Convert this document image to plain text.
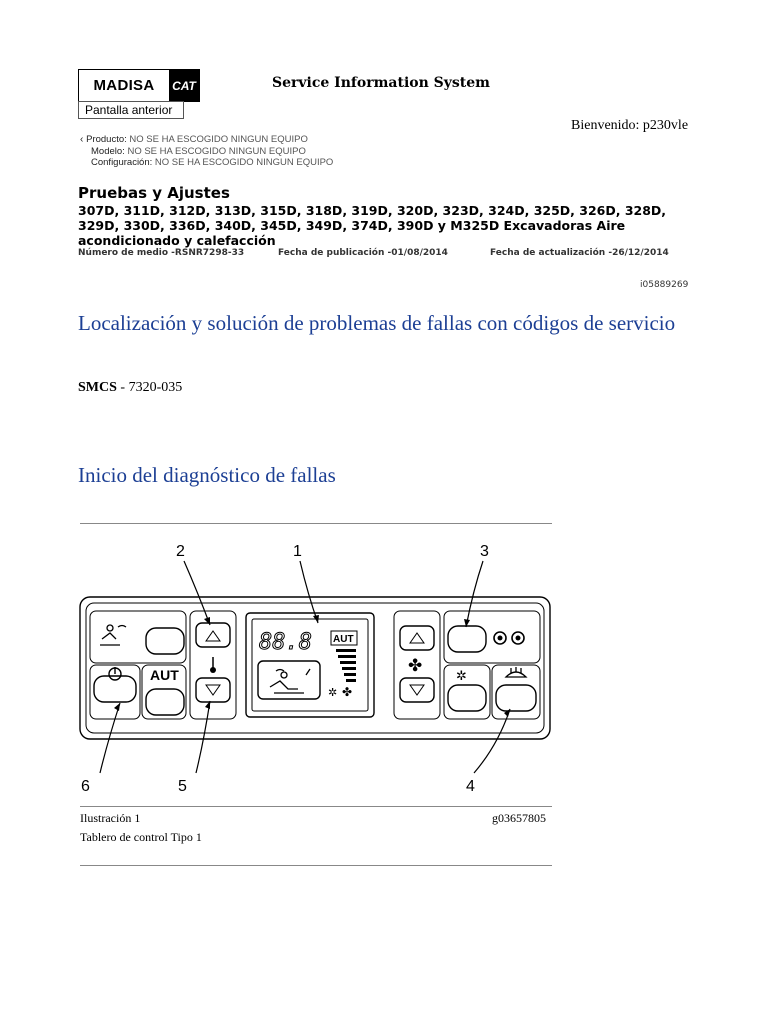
MADISA	CAT
Pantalla anterior
Service Information System
Bienvenido: p230vle
‹ Producto: NO SE HA ESCOGIDO NINGUN EQUIPO
Modelo: NO SE HA ESCOGIDO NINGUN EQUIPO
Configuración: NO SE HA ESCOGIDO NINGUN EQUIPO
Pruebas y Ajustes
307D, 311D, 312D, 313D, 315D, 318D, 319D, 320D, 323D, 324D, 325D, 326D, 328D, 329D, 330D, 336D, 340D, 345D, 349D, 374D, 390D y M325D Excavadoras Aire acondicionado y calefacción
Número de medio -RSNR7298-33	Fecha de publicación -01/08/2014	Fecha de actualización -26/12/2014
i05889269
Localización y solución de problemas de fallas con códigos de servicio
SMCS - 7320-035
Inicio del diagnóstico de fallas
2	1	3
6	5	4
AUT
88.8 AUT
✲ ✤
✤
✲
Ilustración 1	g03657805
Tablero de control Tipo 1
